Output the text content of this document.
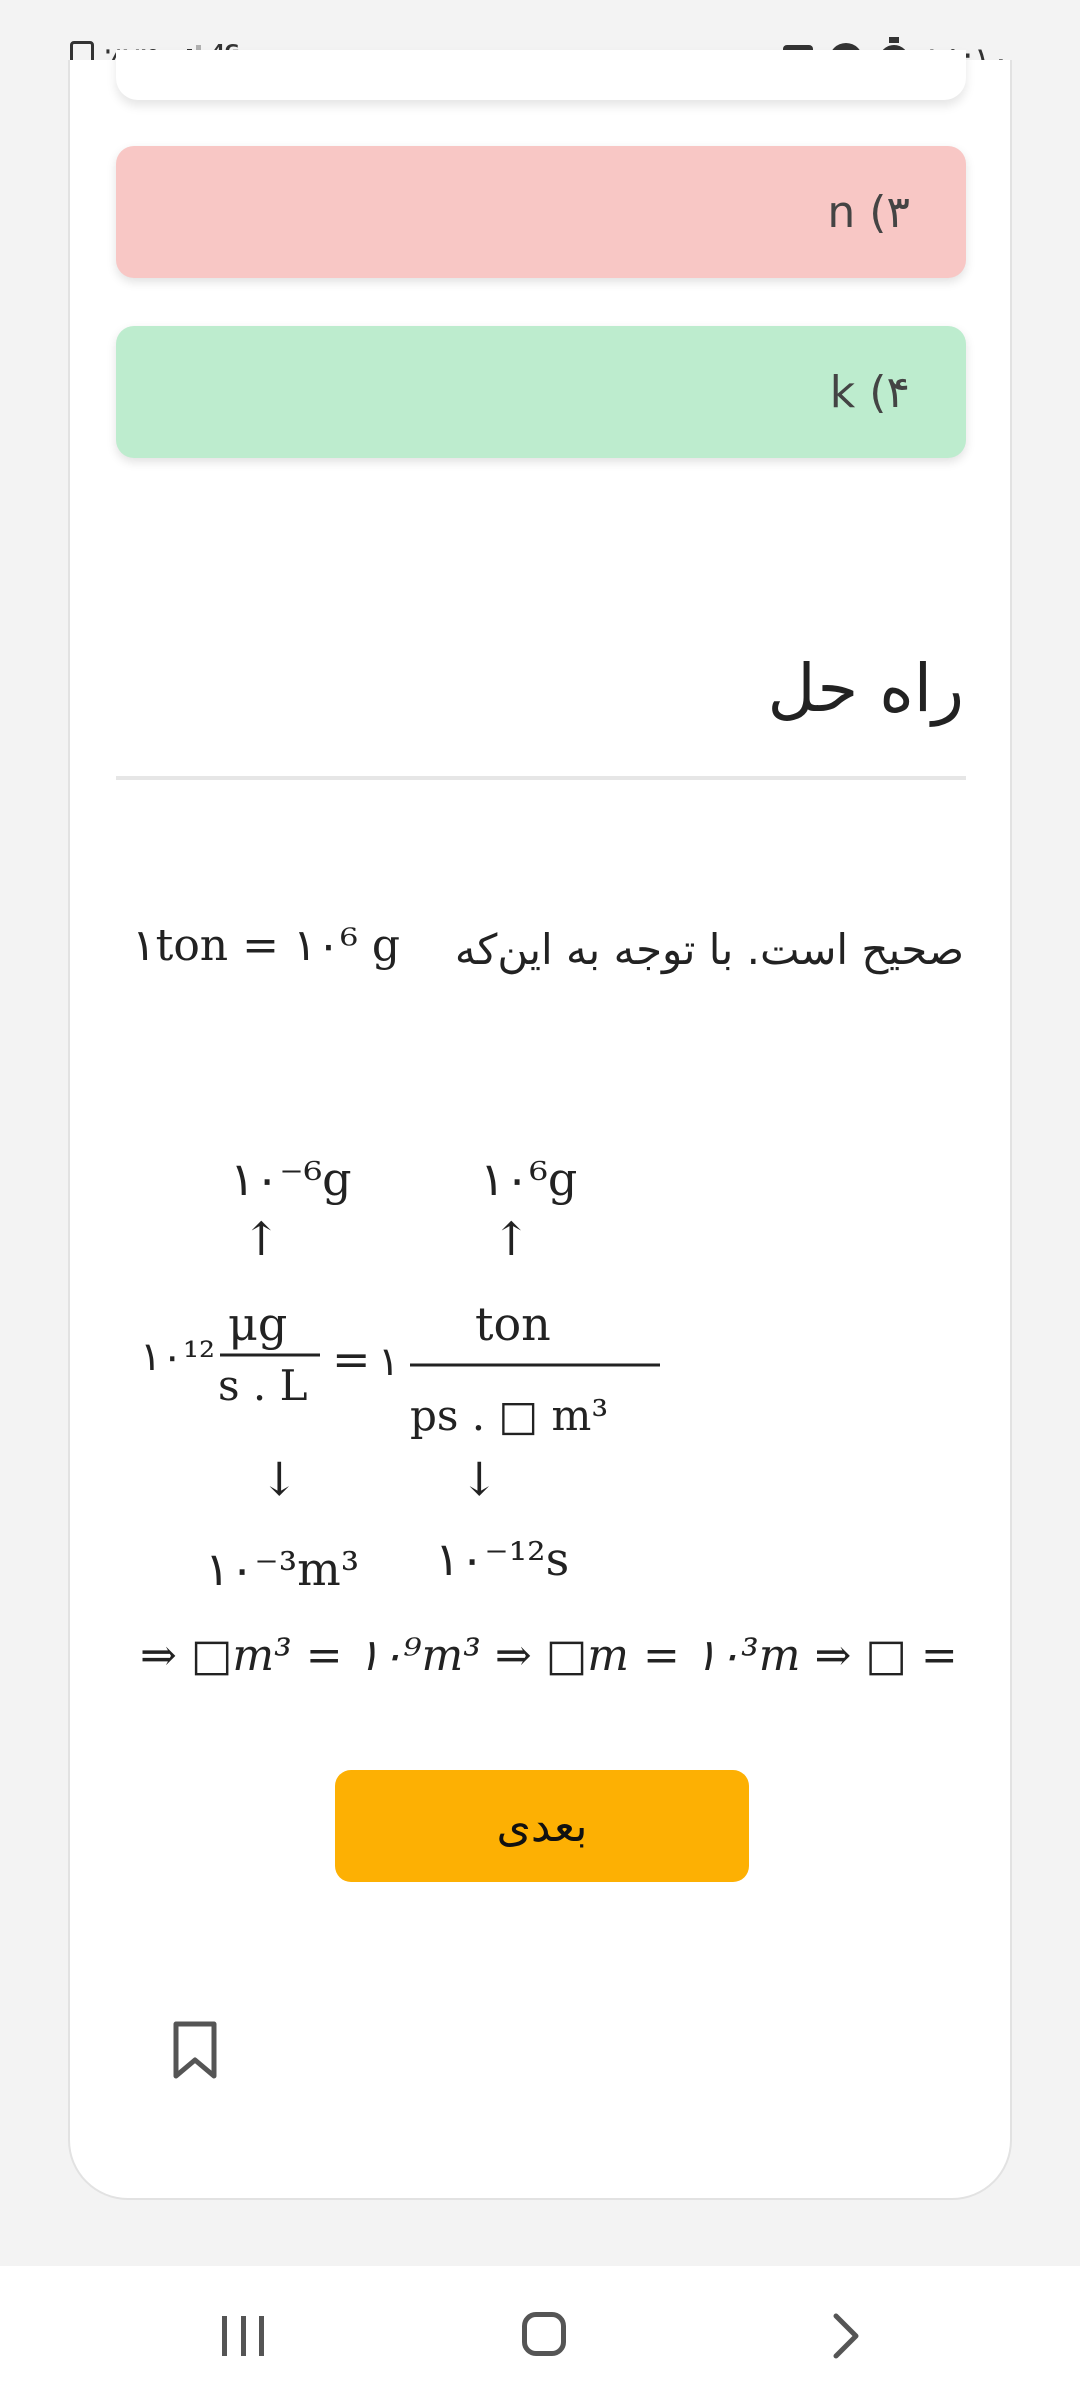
n (۳
k (۴
راه حل
صحیح است. با توجه به این‌که
۱ton = ۱۰⁶ g
۱۰⁻⁶g	۱۰⁶g
↑	↑
۱۰¹²
μg
s . L = ۱
ton
ps . □ m³
↓	↓
۱۰⁻³m³ ۱۰⁻¹²s
⇒ □m³ = ۱۰⁹m³ ⇒ □m = ۱۰³m ⇒ □ =
بعدی
